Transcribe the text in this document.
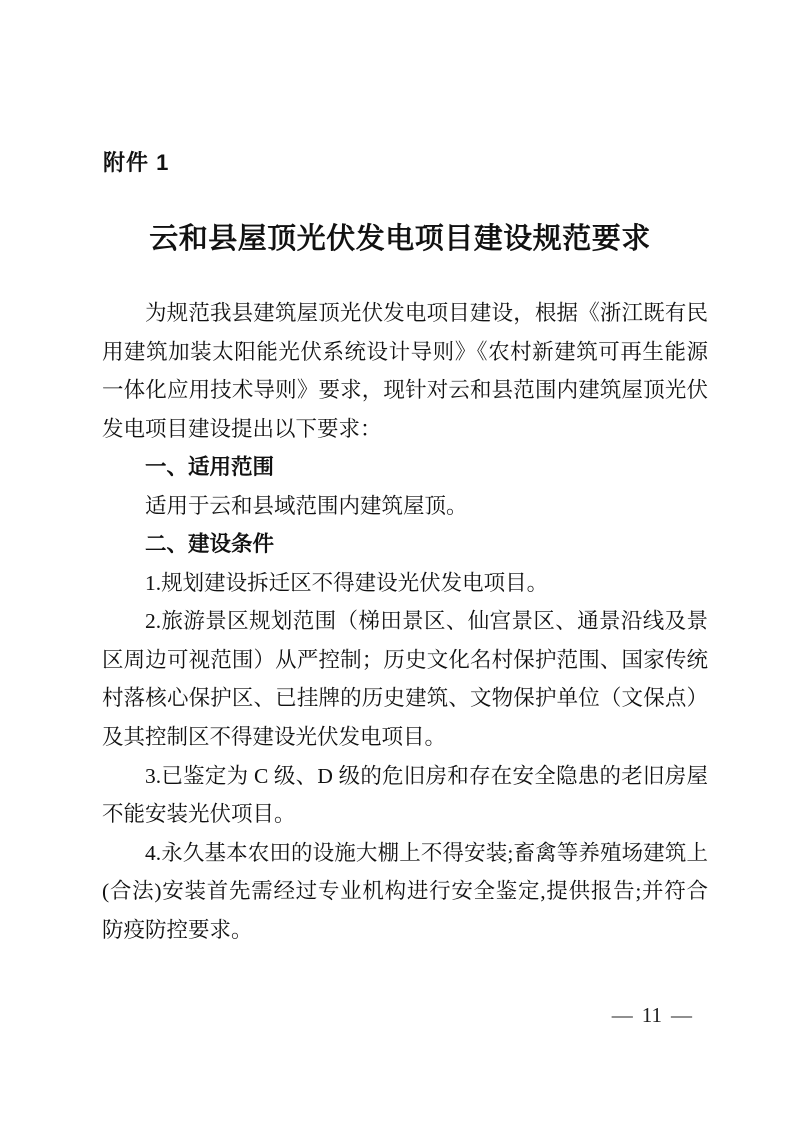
附件 1
云和县屋顶光伏发电项目建设规范要求

为规范我县建筑屋顶光伏发电项目建设，根据《浙江既有民用建筑加装太阳能光伏系统设计导则》《农村新建筑可再生能源一体化应用技术导则》要求，现针对云和县范围内建筑屋顶光伏发电项目建设提出以下要求：

一、适用范围

适用于云和县域范围内建筑屋顶。

二、建设条件

1.规划建设拆迁区不得建设光伏发电项目。

2.旅游景区规划范围（梯田景区、仙宫景区、通景沿线及景区周边可视范围）从严控制；历史文化名村保护范围、国家传统村落核心保护区、已挂牌的历史建筑、文物保护单位（文保点）及其控制区不得建设光伏发电项目。

3.已鉴定为 C 级、D 级的危旧房和存在安全隐患的老旧房屋不能安装光伏项目。

4.永久基本农田的设施大棚上不得安装;畜禽等养殖场建筑上(合法)安装首先需经过专业机构进行安全鉴定,提供报告;并符合防疫防控要求。

— 11 —
